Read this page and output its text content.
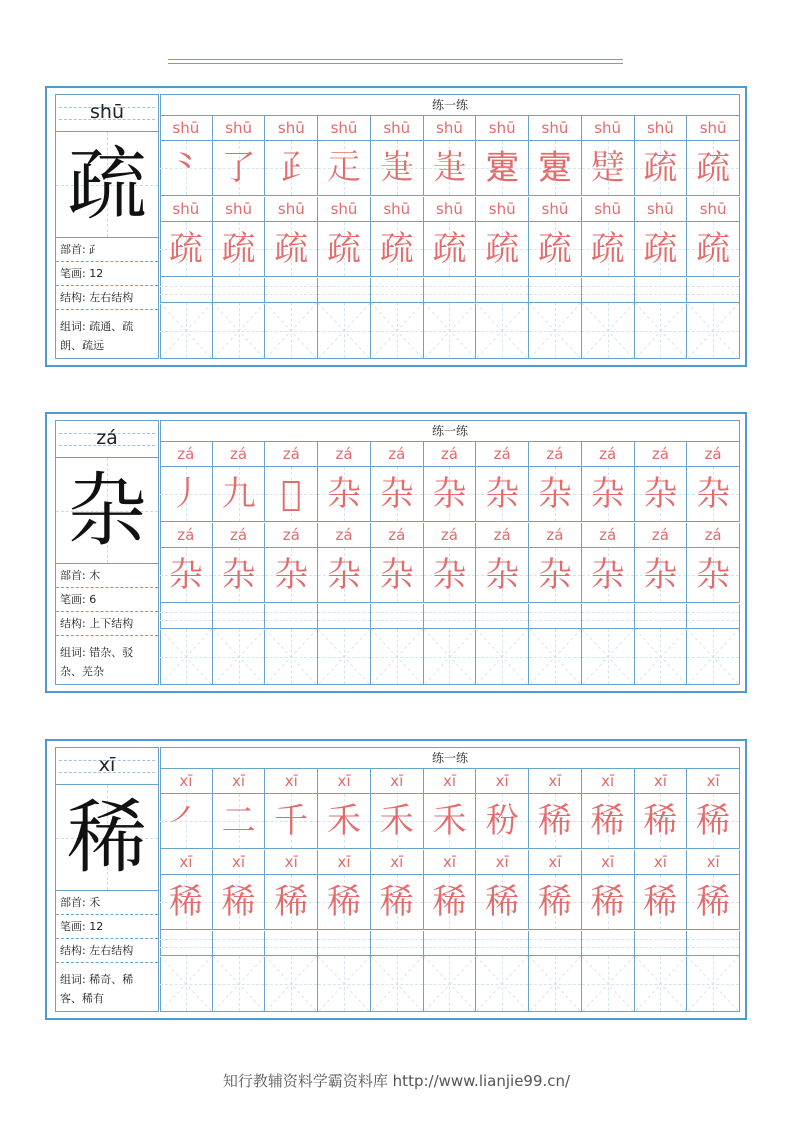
shū
疏
部首: ⺪
笔画: 12
结构: 左右结构
组词: 疏通、疏朗、疏远
练一练
shū
⺀
shū
疏
shū
了
shū
疏
shū
𤴔
shū
疏
shū
𤴕
shū
疏
shū
𤴗
shū
疏
shū
𤴗
shū
疏
shū
𤴡
shū
疏
shū
𤴡
shū
疏
shū
𤴣
shū
疏
shū
疏
shū
疏
shū
疏
shū
疏
zá
杂
部首: 木
笔画: 6
结构: 上下结构
组词: 错杂、驳杂、芜杂
练一练
zá
丿
zá
杂
zá
九
zá
杂
zá
𠃢
zá
杂
zá
杂
zá
杂
zá
杂
zá
杂
zá
杂
zá
杂
zá
杂
zá
杂
zá
杂
zá
杂
zá
杂
zá
杂
zá
杂
zá
杂
zá
杂
zá
杂
xī
稀
部首: 禾
笔画: 12
结构: 左右结构
组词: 稀奇、稀客、稀有
练一练
xī
㇒
xī
稀
xī
二
xī
稀
xī
千
xī
稀
xī
禾
xī
稀
xī
禾
xī
稀
xī
禾
xī
稀
xī
秎
xī
稀
xī
稀
xī
稀
xī
稀
xī
稀
xī
稀
xī
稀
xī
稀
xī
稀
知行教辅资料学霸资料库 http://www.lianjie99.cn/
